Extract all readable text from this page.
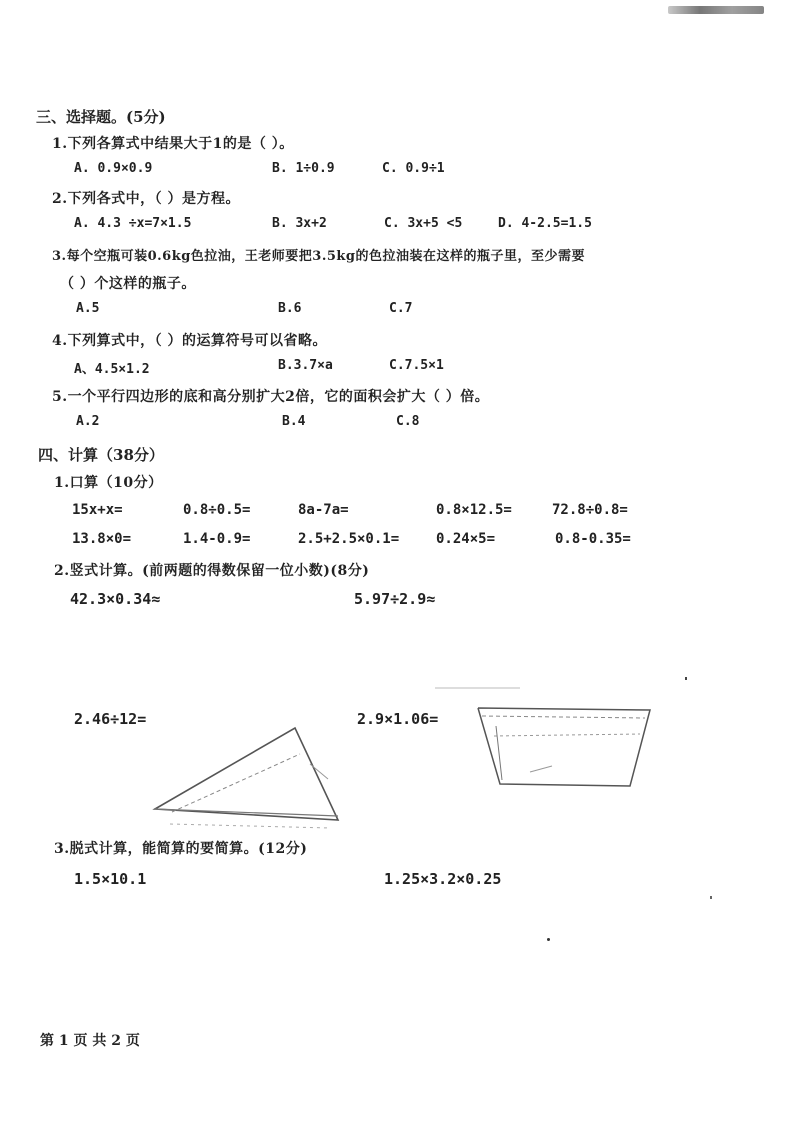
三、选择题。(5分)
1.下列各算式中结果大于1的是（ ）。
A. 0.9×0.9	B. 1÷0.9	C. 0.9÷1
2.下列各式中，（ ）是方程。
A. 4.3 ÷x=7×1.5	B. 3x+2	C. 3x+5 <5	D. 4-2.5=1.5
3.每个空瓶可装0.6kg色拉油，王老师要把3.5kg的色拉油装在这样的瓶子里，至少需要
（ ）个这样的瓶子。
A.5	B.6	C.7
4.下列算式中，（ ）的运算符号可以省略。
A、4.5×1.2	B.3.7×a	C.7.5×1
5.一个平行四边形的底和高分别扩大2倍，它的面积会扩大（ ）倍。
A.2	B.4	C.8
四、计算（38分）
1.口算（10分）
15x+x=	0.8÷0.5=	8a-7a=	0.8×12.5=	72.8÷0.8=
13.8×0=	1.4-0.9=	2.5+2.5×0.1=	0.24×5=	0.8-0.35=
2.竖式计算。(前两题的得数保留一位小数)(8分)
42.3×0.34≈	5.97÷2.9≈
2.46÷12=	2.9×1.06=
3.脱式计算，能简算的要简算。(12分)
1.5×10.1	1.25×3.2×0.25
第 1 页 共 2 页
